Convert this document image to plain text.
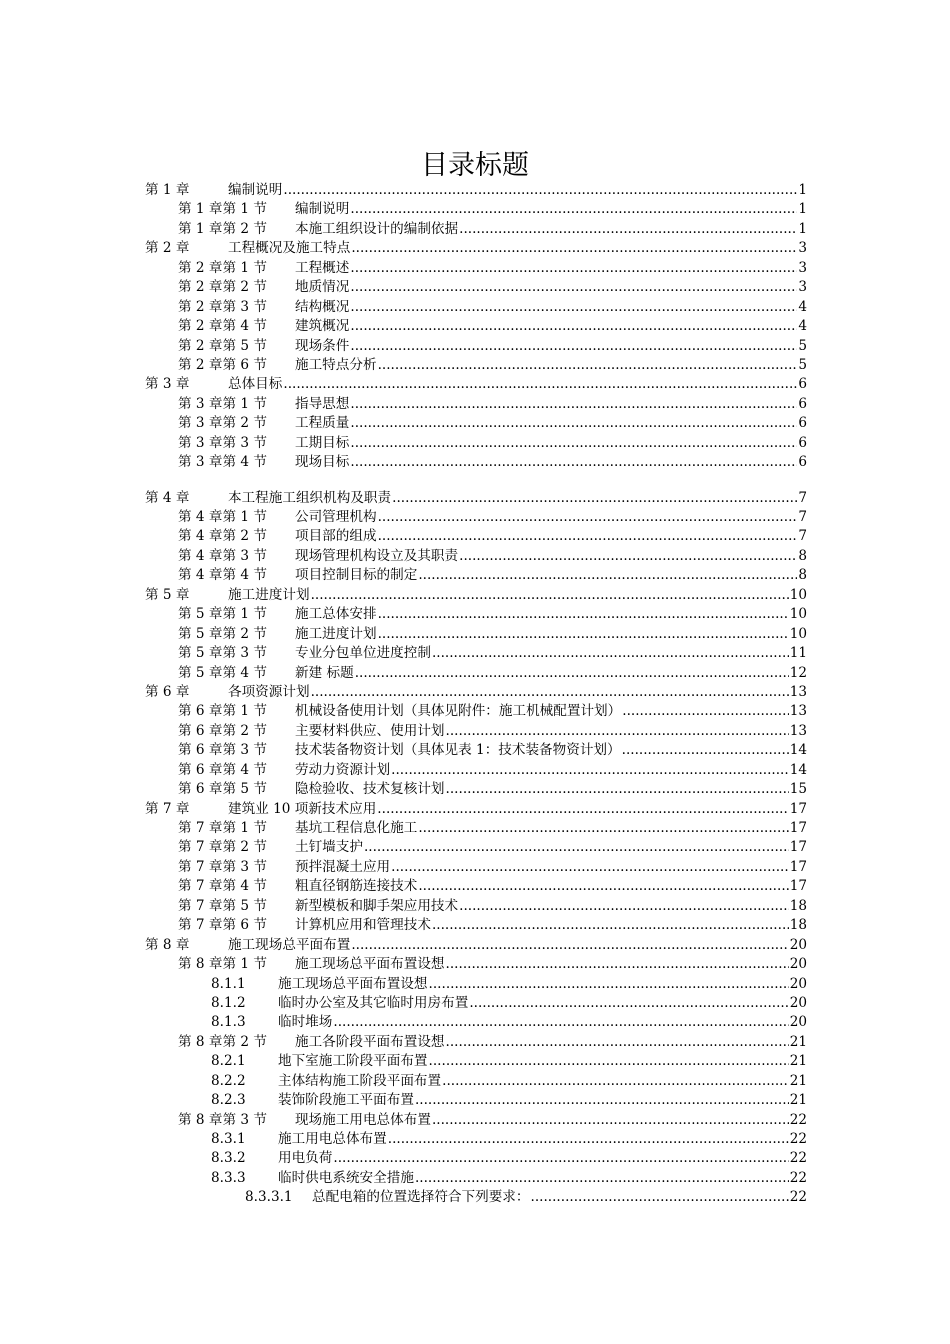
目录标题
第 1 章	编制说明 .....	1
第 1 章第 1 节	编制说明 .....	1
第 1 章第 2 节	本施工组织设计的编制依据 .....	1
第 2 章	工程概况及施工特点 .....	3
第 2 章第 1 节	工程概述 .....	3
第 2 章第 2 节	地质情况 .....	3
第 2 章第 3 节	结构概况 .....	4
第 2 章第 4 节	建筑概况 .....	4
第 2 章第 5 节	现场条件 .....	5
第 2 章第 6 节	施工特点分析 .....	5
第 3 章	总体目标 .....	6
第 3 章第 1 节	指导思想 .....	6
第 3 章第 2 节	工程质量 .....	6
第 3 章第 3 节	工期目标 .....	6
第 3 章第 4 节	现场目标 .....	6
第 4 章	本工程施工组织机构及职责 .....	7
第 4 章第 1 节	公司管理机构 .....	7
第 4 章第 2 节	项目部的组成 .....	7
第 4 章第 3 节	现场管理机构设立及其职责 .....	8
第 4 章第 4 节	项目控制目标的制定 .....	8
第 5 章	施工进度计划 .....	10
第 5 章第 1 节	施工总体安排 .....	10
第 5 章第 2 节	施工进度计划 .....	10
第 5 章第 3 节	专业分包单位进度控制 .....	11
第 5 章第 4 节	新建 标题 .....	12
第 6 章	各项资源计划 .....	13
第 6 章第 1 节	机械设备使用计划（具体见附件：施工机械配置计划） .....	13
第 6 章第 2 节	主要材料供应、使用计划 .....	13
第 6 章第 3 节	技术装备物资计划（具体见表 1：技术装备物资计划） .....	14
第 6 章第 4 节	劳动力资源计划 .....	14
第 6 章第 5 节	隐检验收、技术复核计划 .....	15
第 7 章	建筑业 10 项新技术应用 .....	17
第 7 章第 1 节	基坑工程信息化施工 .....	17
第 7 章第 2 节	土钉墙支护 .....	17
第 7 章第 3 节	预拌混凝土应用 .....	17
第 7 章第 4 节	粗直径钢筋连接技术 .....	17
第 7 章第 5 节	新型模板和脚手架应用技术 .....	18
第 7 章第 6 节	计算机应用和管理技术 .....	18
第 8 章	施工现场总平面布置 .....	20
第 8 章第 1 节	施工现场总平面布置设想 .....	20
8.1.1	施工现场总平面布置设想 .....	20
8.1.2	临时办公室及其它临时用房布置 .....	20
8.1.3	临时堆场 .....	20
第 8 章第 2 节	施工各阶段平面布置设想 .....	21
8.2.1	地下室施工阶段平面布置 .....	21
8.2.2	主体结构施工阶段平面布置 .....	21
8.2.3	装饰阶段施工平面布置 .....	21
第 8 章第 3 节	现场施工用电总体布置 .....	22
8.3.1	施工用电总体布置 .....	22
8.3.2	用电负荷 .....	22
8.3.3	临时供电系统安全措施 .....	22
8.3.3.1	总配电箱的位置选择符合下列要求： .....	22
